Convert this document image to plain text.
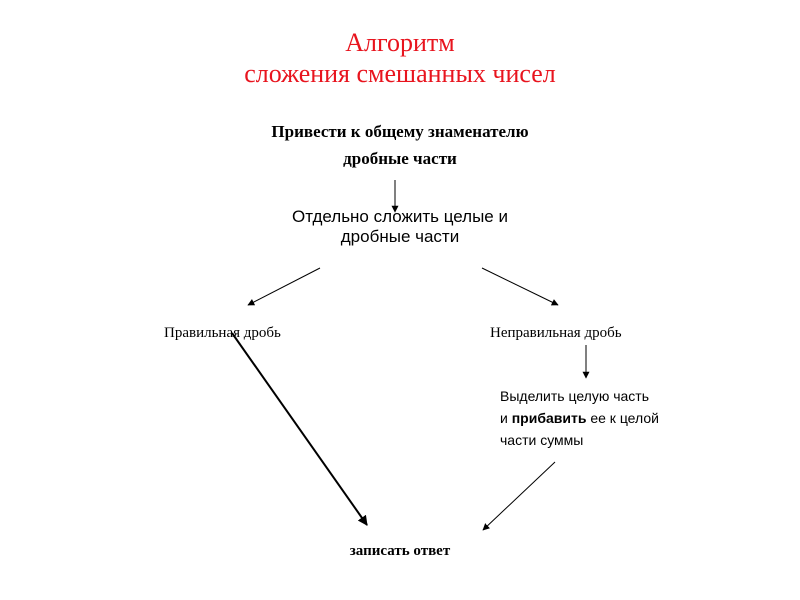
Алгоритм
сложения смешанных чисел
Привести к общему знаменателю
дробные части
Отдельно сложить целые и
дробные части
Правильная дробь	Неправильная дробь
Выделить целую часть
и прибавить ее к целой
части суммы
записать ответ
